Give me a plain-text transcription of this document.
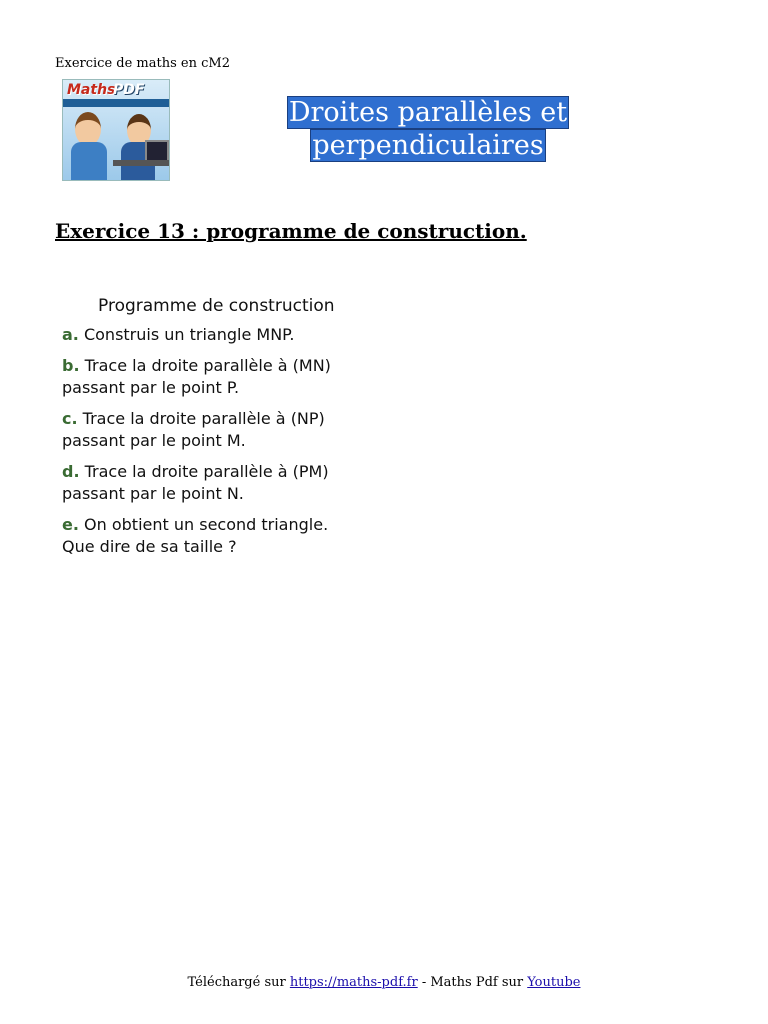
Exercice de maths en cM2
Maths
PDF
Droites parallèles et
perpendiculaires
Exercice 13 : programme de construction.
Programme de construction
a. Construis un triangle MNP.
b. Trace la droite parallèle à (MN)
passant par le point P.
c. Trace la droite parallèle à (NP)
passant par le point M.
d. Trace la droite parallèle à (PM)
passant par le point N.
e. On obtient un second triangle.
Que dire de sa taille ?
Téléchargé sur https://maths-pdf.fr - Maths Pdf sur Youtube
